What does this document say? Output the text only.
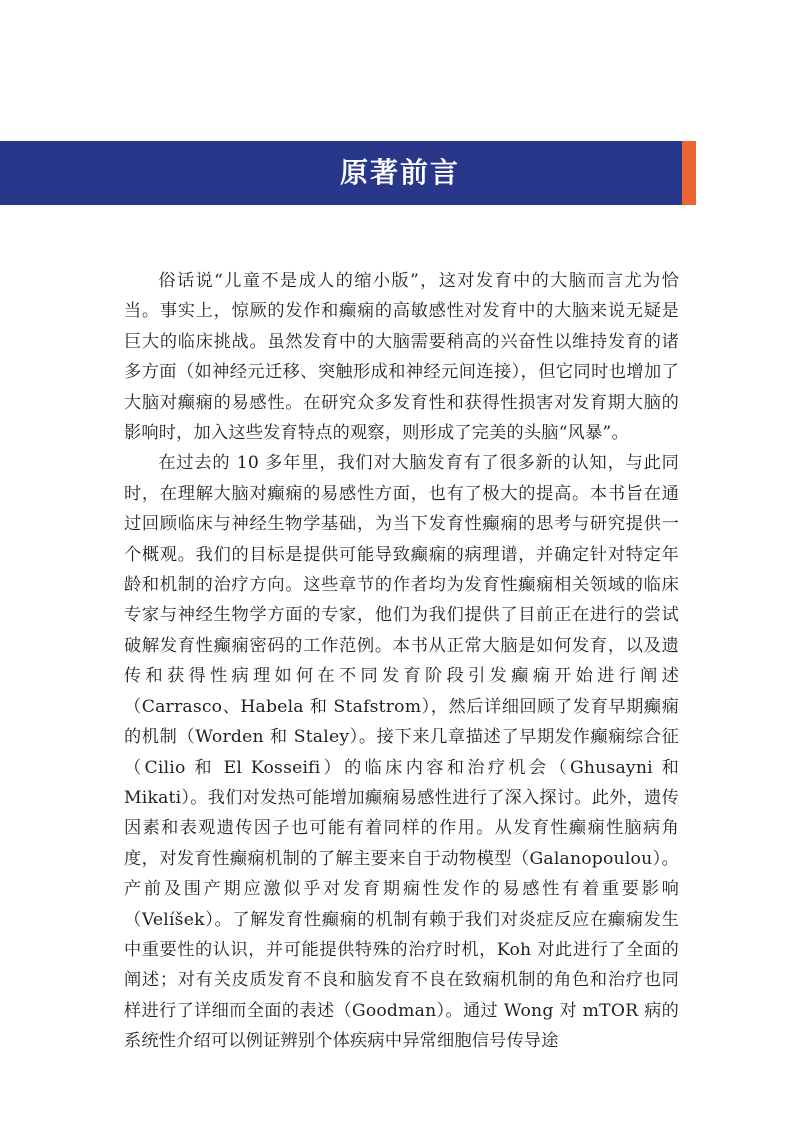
原著前言

俗话说“儿童不是成人的缩小版”，这对发育中的大脑而言尤为恰当。事实上，惊厥的发作和癫痫的高敏感性对发育中的大脑来说无疑是巨大的临床挑战。虽然发育中的大脑需要稍高的兴奋性以维持发育的诸多方面（如神经元迁移、突触形成和神经元间连接），但它同时也增加了大脑对癫痫的易感性。在研究众多发育性和获得性损害对发育期大脑的影响时，加入这些发育特点的观察，则形成了完美的头脑“风暴”。

在过去的 10 多年里，我们对大脑发育有了很多新的认知，与此同时，在理解大脑对癫痫的易感性方面，也有了极大的提高。本书旨在通过回顾临床与神经生物学基础，为当下发育性癫痫的思考与研究提供一个概观。我们的目标是提供可能导致癫痫的病理谱，并确定针对特定年龄和机制的治疗方向。这些章节的作者均为发育性癫痫相关领域的临床专家与神经生物学方面的专家，他们为我们提供了目前正在进行的尝试破解发育性癫痫密码的工作范例。本书从正常大脑是如何发育，以及遗传和获得性病理如何在不同发育阶段引发癫痫开始进行阐述（Carrasco、Habela 和 Stafstrom），然后详细回顾了发育早期癫痫的机制（Worden 和 Staley）。接下来几章描述了早期发作癫痫综合征（Cilio 和 El Kosseifi）的临床内容和治疗机会（Ghusayni 和 Mikati）。我们对发热可能增加癫痫易感性进行了深入探讨。此外，遗传因素和表观遗传因子也可能有着同样的作用。从发育性癫痫性脑病角度，对发育性癫痫机制的了解主要来自于动物模型（Galanopoulou）。产前及围产期应激似乎对发育期痫性发作的易感性有着重要影响（Velíšek）。了解发育性癫痫的机制有赖于我们对炎症反应在癫痫发生中重要性的认识，并可能提供特殊的治疗时机，Koh 对此进行了全面的阐述；对有关皮质发育不良和脑发育不良在致痫机制的角色和治疗也同样进行了详细而全面的表述（Goodman）。通过 Wong 对 mTOR 病的系统性介绍可以例证辨别个体疾病中异常细胞信号传导途
